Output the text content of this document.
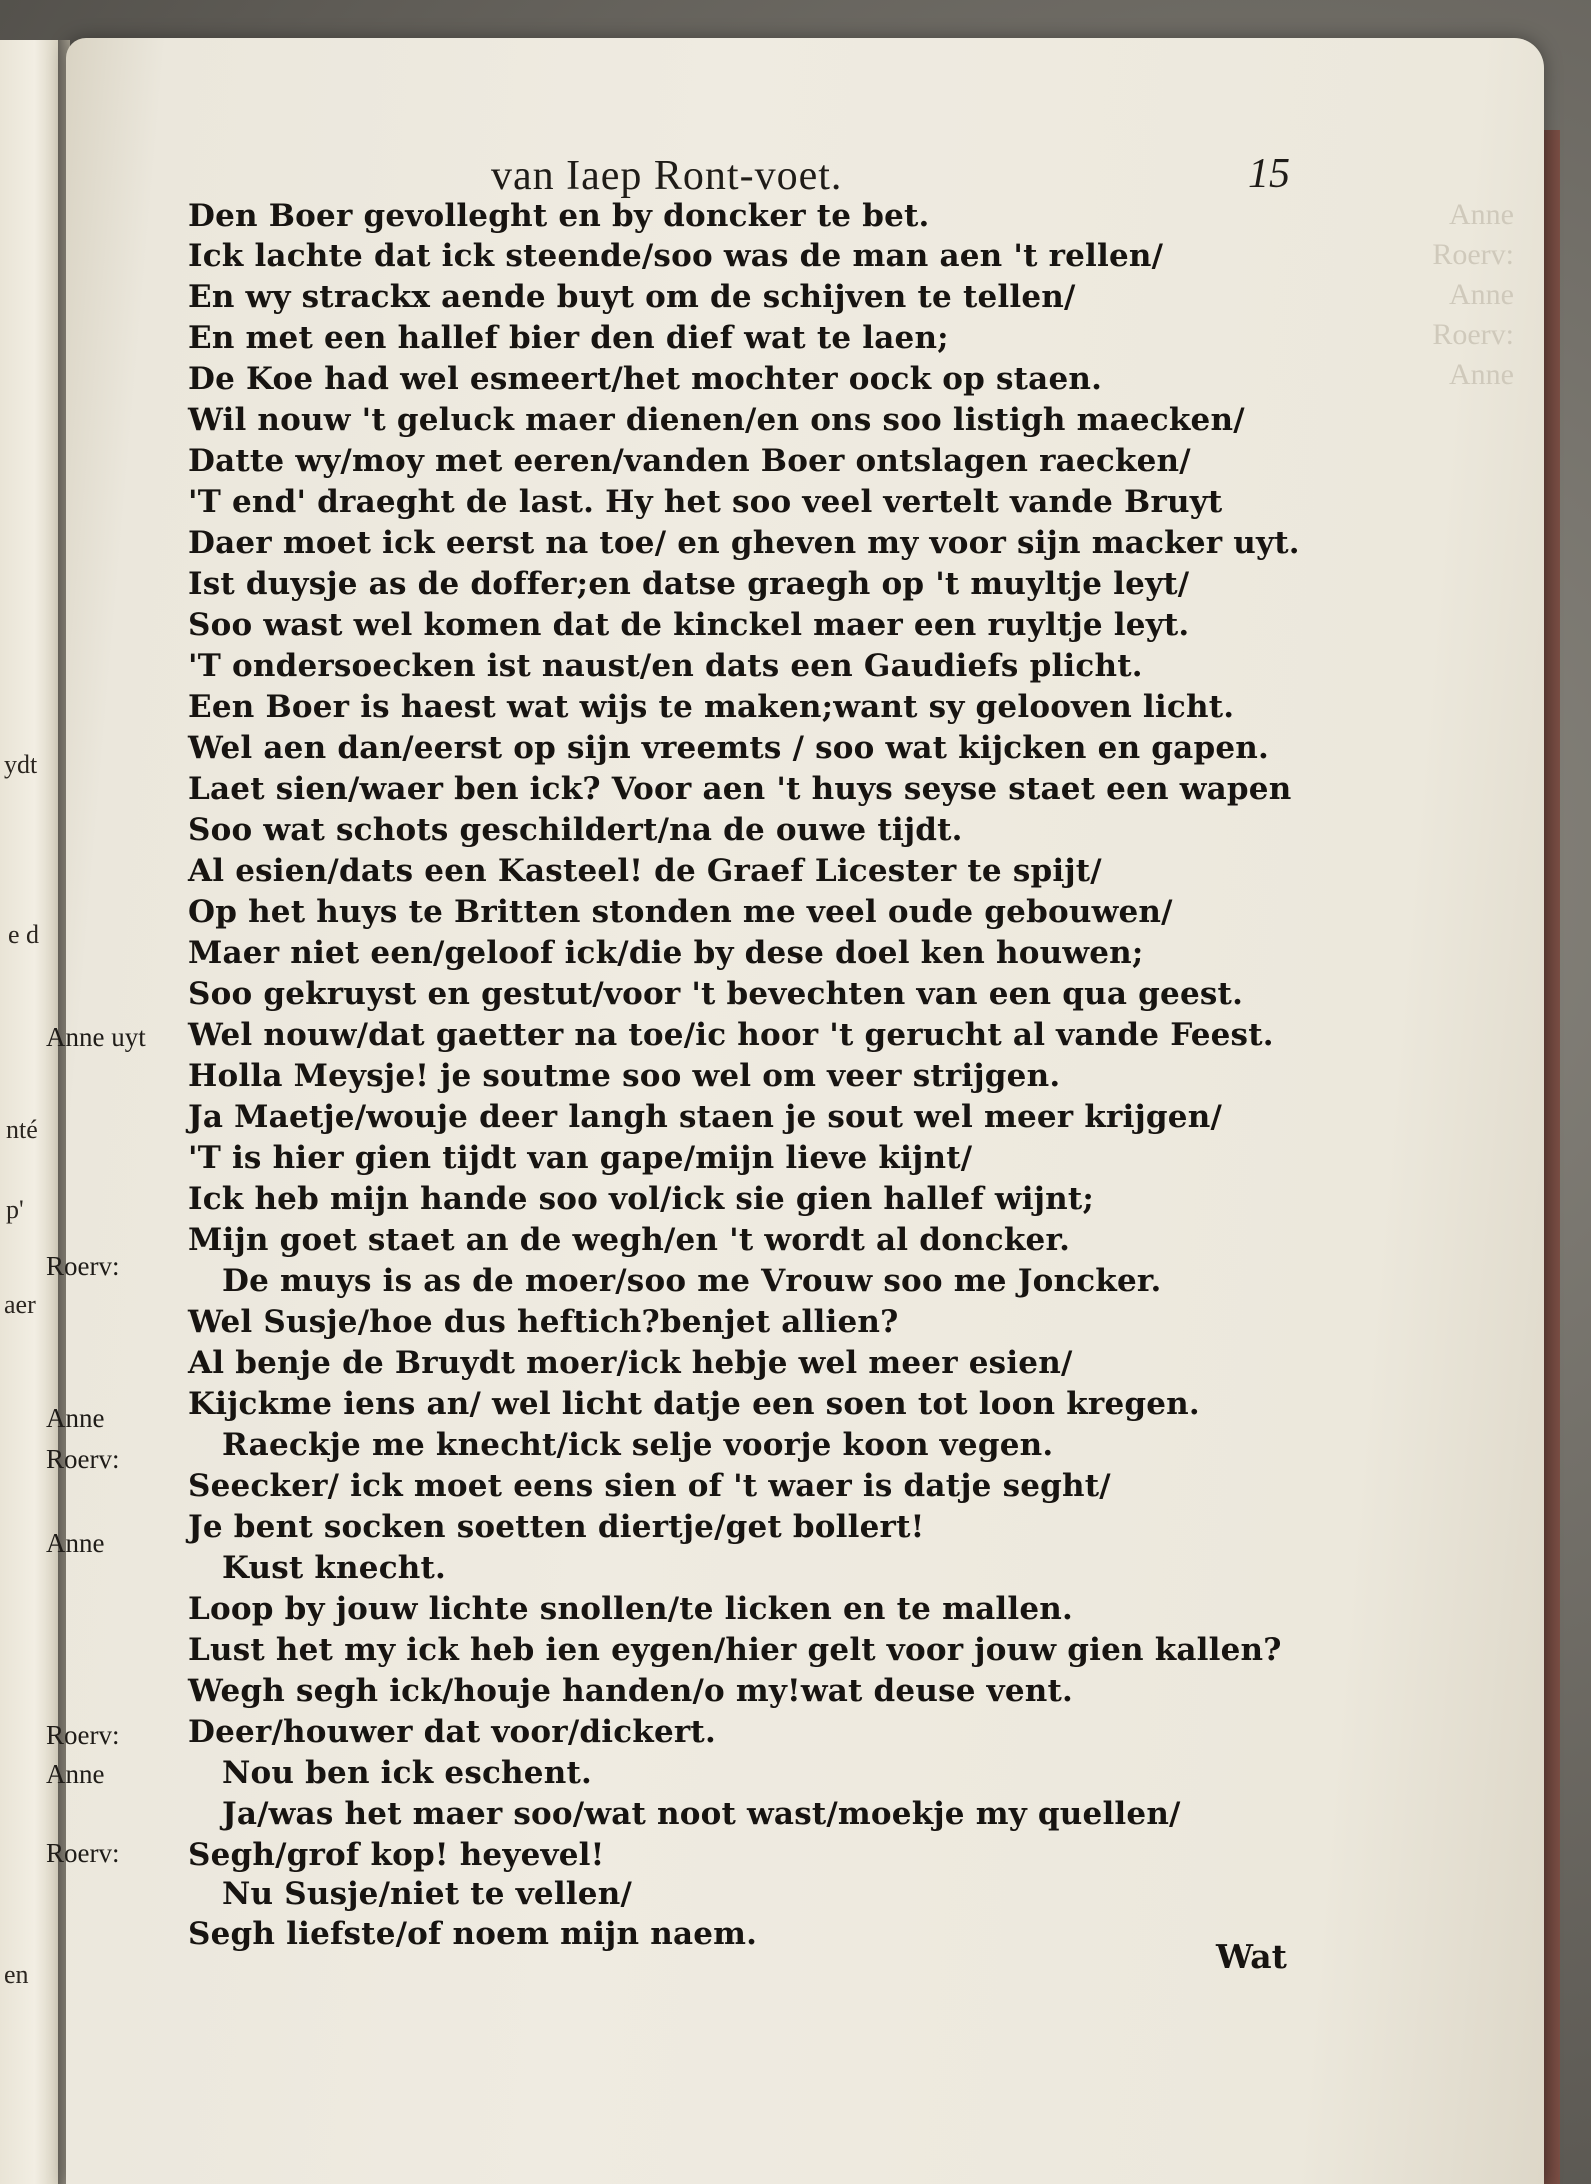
ydt
e d
nté
p'
aer
en
Anne
Roerv:
Anne
Roerv:
Anne
van Iaep Ront-voet.	15
Den Boer gevolleght en by doncker te bet.
Ick lachte dat ick steende/soo was de man aen 't rellen/
En wy strackx aende buyt om de schijven te tellen/
En met een hallef bier den dief wat te laen;
De Koe had wel esmeert/het mochter oock op staen.
Wil nouw 't geluck maer dienen/en ons soo listigh maecken/
Datte wy/moy met eeren/vanden Boer ontslagen raecken/
'T end' draeght de last. Hy het soo veel vertelt vande Bruyt
Daer moet ick eerst na toe/ en gheven my voor sijn macker uyt.
Ist duysje as de doffer;en datse graegh op 't muyltje leyt/
Soo wast wel komen dat de kinckel maer een ruyltje leyt.
'T ondersoecken ist naust/en dats een Gaudiefs plicht.
Een Boer is haest wat wijs te maken;want sy gelooven licht.
Wel aen dan/eerst op sijn vreemts / soo wat kijcken en gapen.
Laet sien/waer ben ick? Voor aen 't huys seyse staet een wapen
Soo wat schots geschildert/na de ouwe tijdt.
Al esien/dats een Kasteel! de Graef Licester te spijt/
Op het huys te Britten stonden me veel oude gebouwen/
Maer niet een/geloof ick/die by dese doel ken houwen;
Soo gekruyst en gestut/voor 't bevechten van een qua geest.
Wel nouw/dat gaetter na toe/ic hoor 't gerucht al vande Feest.
Holla Meysje! je soutme soo wel om veer strijgen.
Ja Maetje/wouje deer langh staen je sout wel meer krijgen/
'T is hier gien tijdt van gape/mijn lieve kijnt/
Ick heb mijn hande soo vol/ick sie gien hallef wijnt;
Mijn goet staet an de wegh/en 't wordt al doncker.
De muys is as de moer/soo me Vrouw soo me Joncker.
Wel Susje/hoe dus heftich?benjet allien?
Al benje de Bruydt moer/ick hebje wel meer esien/
Kijckme iens an/ wel licht datje een soen tot loon kregen.
Raeckje me knecht/ick selje voorje koon vegen.
Seecker/ ick moet eens sien of 't waer is datje seght/
Je bent socken soetten diertje/get bollert!
Kust knecht.
Loop by jouw lichte snollen/te licken en te mallen.
Lust het my ick heb ien eygen/hier gelt voor jouw gien kallen?
Wegh segh ick/houje handen/o my!wat deuse vent.
Deer/houwer dat voor/dickert.
Nou ben ick eschent.
Ja/was het maer soo/wat noot wast/moekje my quellen/
Segh/grof kop! heyevel!
Nu Susje/niet te vellen/
Segh liefste/of noem mijn naem.
Anne uyt
Roerv:
Anne
Roerv:
Anne
Roerv:
Anne
Roerv:
Wat
